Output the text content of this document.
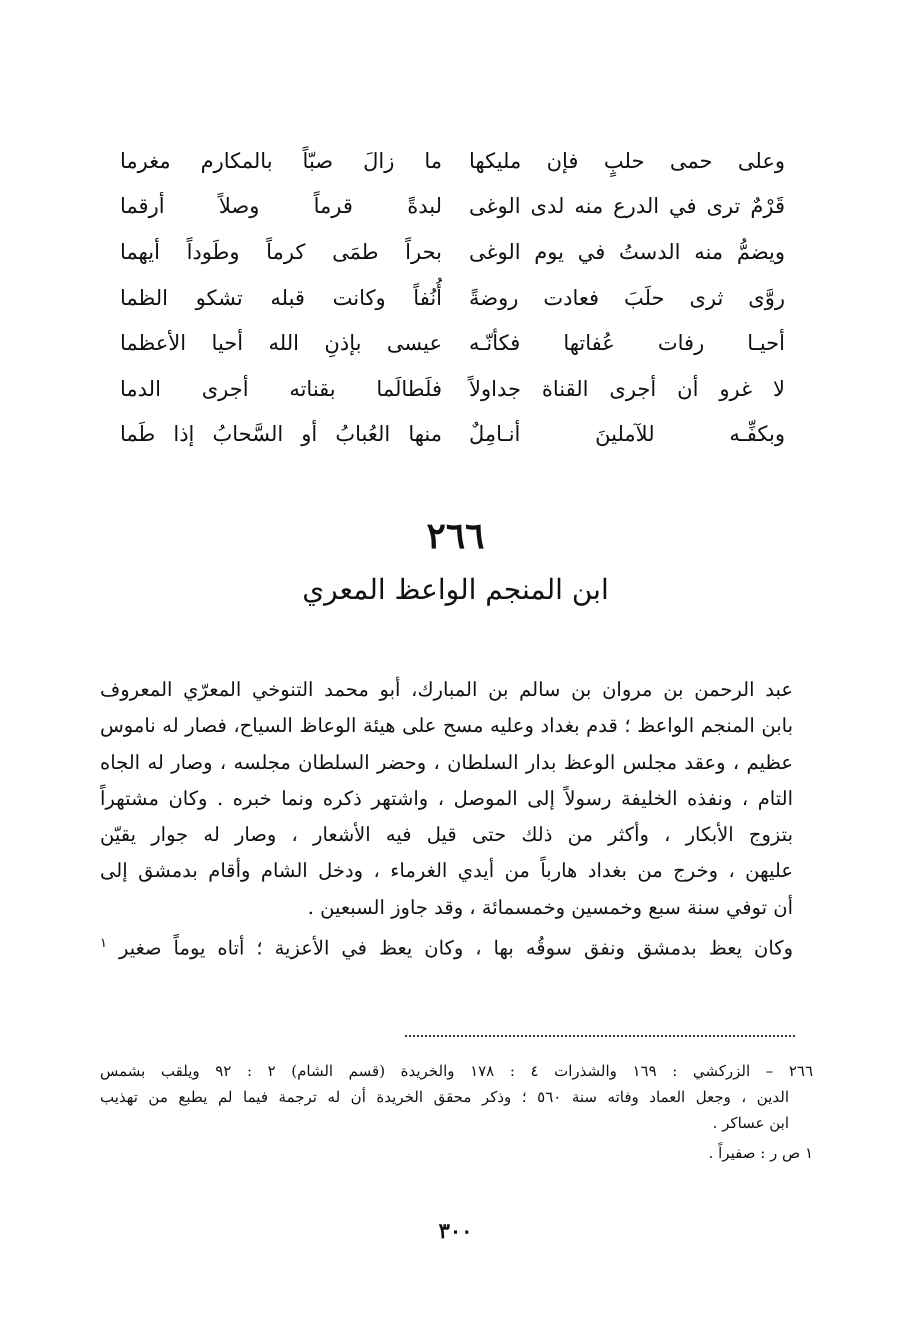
وعلى حمى حلبٍ فإن مليكها
ما زالَ صبّاً بالمكارم مغرما
قَرْمٌ ترى في الدرع منه لدى الوغى
لبدةً قرماً وصلاً أرقما
ويضمُّ منه الدستُ في يوم الوغى
بحراً طمَى كرماً وطَوداً أيهما
روَّى ثرى حلَبَ فعادت روضةً
أُنُفاً وكانت قبله تشكو الظما
أحيـا رفات عُفاتها فكأنّـه
عيسى بإذنِ الله أحيا الأعظما
لا غرو أن أجرى القناة جداولاً
فلَطالَما بقناته أجرى الدما
وبكفِّـه للآملينَ أنـامِلٌ
منها العُبابُ أو السَّحابُ إذا طَما
٢٦٦
ابن المنجم الواعظ المعري

عبد الرحمن بن مروان بن سالم بن المبارك، أبو محمد التنوخي المعرّي المعروف
بابن المنجم الواعظ ؛ قدم بغداد وعليه مسح على هيئة الوعاظ السياح، فصار له ناموس
عظيم ، وعقد مجلس الوعظ بدار السلطان ، وحضر السلطان مجلسه ، وصار له الجاه
التام ، ونفذه الخليفة رسولاً إلى الموصل ، واشتهر ذكره ونما خبره . وكان مشتهراً
بتزوج الأبكار ، وأكثر من ذلك حتى قيل فيه الأشعار ، وصار له جوار يقيّن
عليهن ، وخرج من بغداد هارباً من أيدي الغرماء ، ودخل الشام وأقام بدمشق إلى
أن توفي سنة سبع وخمسين وخمسمائة ، وقد جاوز السبعين .

وكان يعظ بدمشق ونفق سوقُه بها ، وكان يعظ في الأعزية ؛ أتاه يوماً صغير $^١$

٢٦٦ – الزركشي : ١٦٩ والشذرات ٤ : ١٧٨ والخريدة (قسم الشام) ٢ : ٩٢ ويلقب بشمس
الدين ، وجعل العماد وفاته سنة ٥٦٠ ؛ وذكر محقق الخريدة أن له ترجمة فيما لم يطبع من تهذيب
ابن عساكر .

١ ص ر : صفيراً .

٣٠٠
